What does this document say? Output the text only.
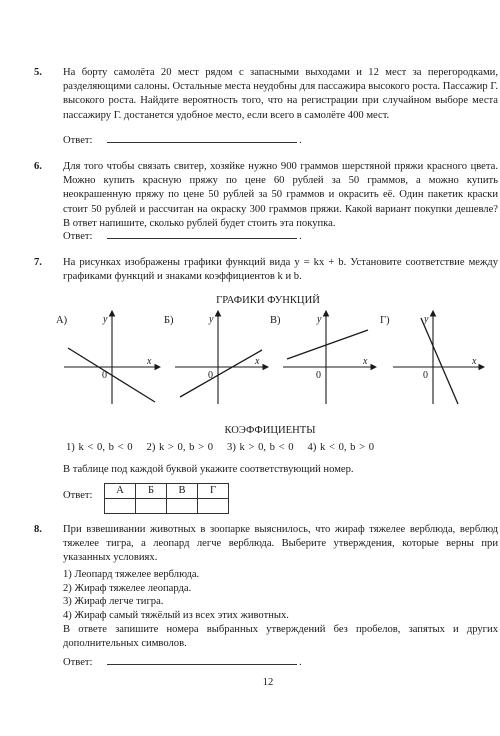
5. На борту самолёта 20 мест рядом с запасными выходами и 12 мест за перегородками, разделяющими салоны. Остальные места неудобны для пассажира высокого роста. Пассажир Г. высокого роста. Найдите вероятность того, что на регистрации при случайном выборе места пассажиру Г. достанется удобное место, если всего в самолёте 400 мест.
Ответ:	.
6. Для того чтобы связать свитер, хозяйке нужно 900 граммов шерстяной пряжи красного цвета. Можно купить красную пряжу по цене 60 рублей за 50 граммов, а можно купить неокрашенную пряжу по цене 50 рублей за 50 граммов и окрасить её. Один пакетик краски стоит 50 рублей и рассчитан на окраску 300 граммов пряжи. Какой вариант покупки дешевле? В ответ напишите, сколько рублей будет стоить эта покупка.
Ответ:	.
7. На рисунках изображены графики функций вида y = kx + b. Установите соответствие между графиками функций и знаками коэффициентов k и b.
ГРАФИКИ ФУНКЦИЙ
А)	Б)	В)	Г)
y
x
0
y
x
0
y
x
0
y
x
0
КОЭФФИЦИЕНТЫ
1) k < 0, b < 0 2) k > 0, b > 0 3) k > 0, b < 0 4) k < 0, b > 0
В таблице под каждой буквой укажите соответствующий номер.
Ответ: А	Б	В	Г

8. При взвешивании животных в зоопарке выяснилось, что жираф тяжелее верблюда, верблюд тяжелее тигра, а леопард легче верблюда. Выберите утверждения, которые верны при указанных условиях.
1) Леопард тяжелее верблюда.
2) Жираф тяжелее леопарда.
3) Жираф легче тигра.
4) Жираф самый тяжёлый из всех этих животных.
В ответе запишите номера выбранных утверждений без пробелов, запятых и других дополнительных символов.
Ответ:	.
12
